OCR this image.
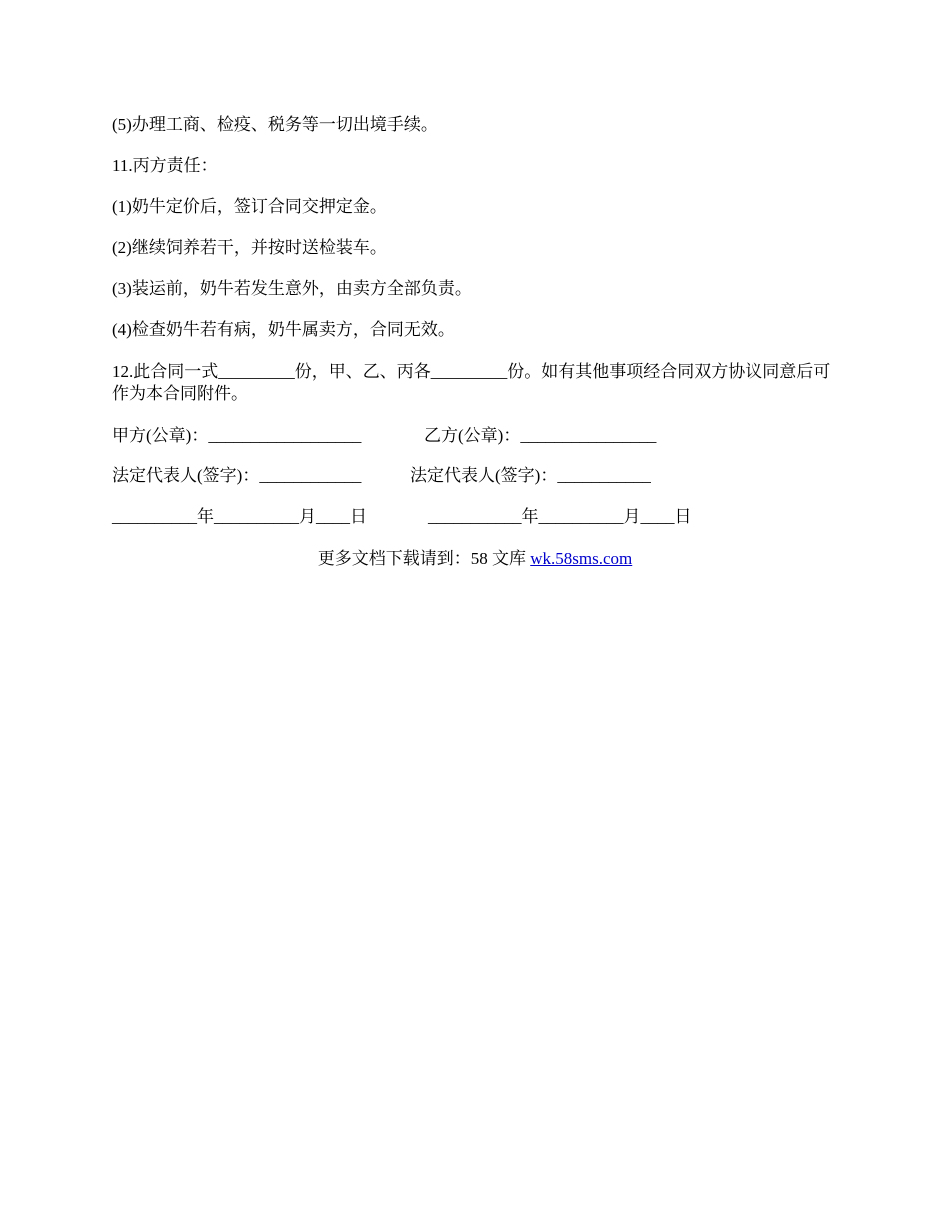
(5)办理工商、检疫、税务等一切出境手续。
11.丙方责任：
(1)奶牛定价后，签订合同交押定金。
(2)继续饲养若干，并按时送检装车。
(3)装运前，奶牛若发生意外，由卖方全部负责。
(4)检查奶牛若有病，奶牛属卖方，合同无效。
12.此合同一式_________份，甲、乙、丙各_________份。如有其他事项经合同双方协议同意后可作为本合同附件。
甲方(公章)：__________________	乙方(公章)：________________
法定代表人(签字)：____________	法定代表人(签字)：___________
__________年__________月____日	___________年__________月____日
更多文档下载请到：58 文库 wk.58sms.com
